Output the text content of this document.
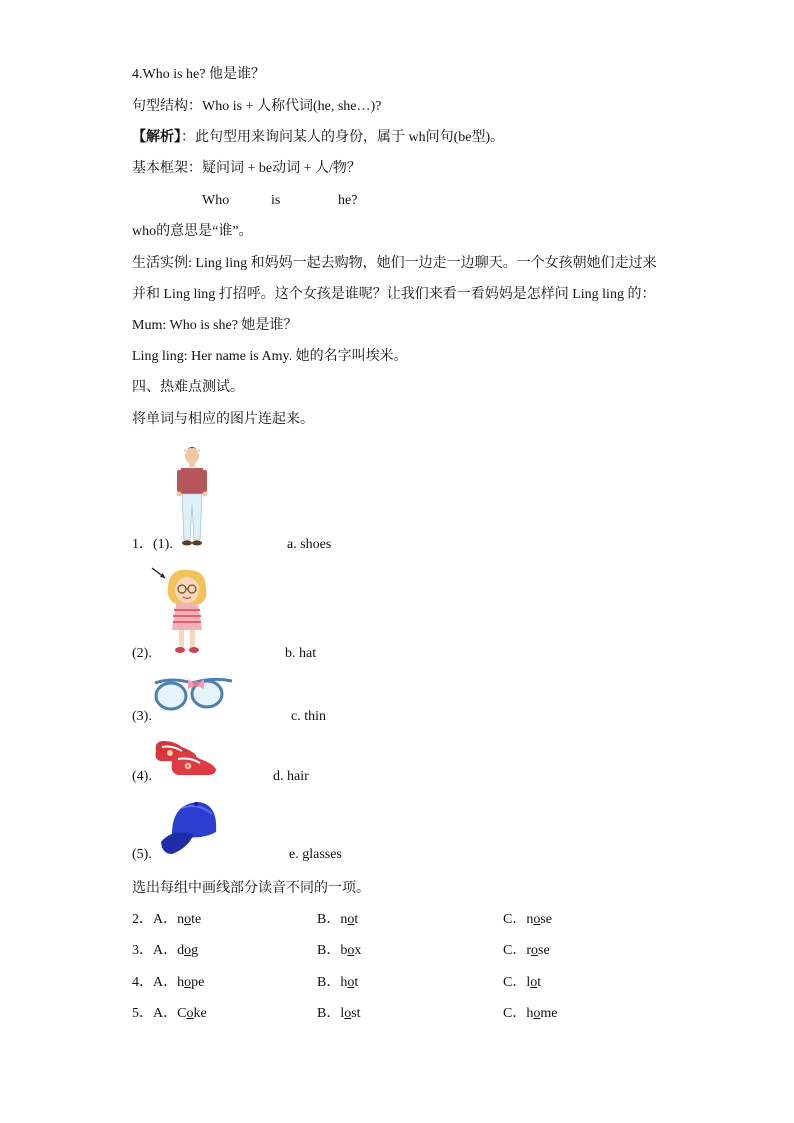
4.Who is he? 他是谁？
句型结构：Who is + 人称代词(he, she…)?
【解析】：此句型用来询问某人的身份，属于 wh问句(be型)。
基本框架：疑问词 + be动词 + 人/物？
Who	is	he?
who的意思是“谁”。
生活实例: Ling ling 和妈妈一起去购物，她们一边走一边聊天。一个女孩朝她们走过来
并和 Ling ling 打招呼。这个女孩是谁呢？让我们来看一看妈妈是怎样问 Ling ling 的：
Mum: Who is she? 她是谁？
Ling ling: Her name is Amy. 她的名字叫埃米。
四、热难点测试。
将单词与相应的图片连起来。
1．(1).	a. shoes
(2).	b. hat
(3).	c. thin
(4).	d. hair
(5).	e. glasses
选出每组中画线部分读音不同的一项。
2．A．note	B．not	C．nose
3．A．dog	B．box	C．rose
4．A．hope	B．hot	C．lot
5．A．Coke	B．lost	C．home
